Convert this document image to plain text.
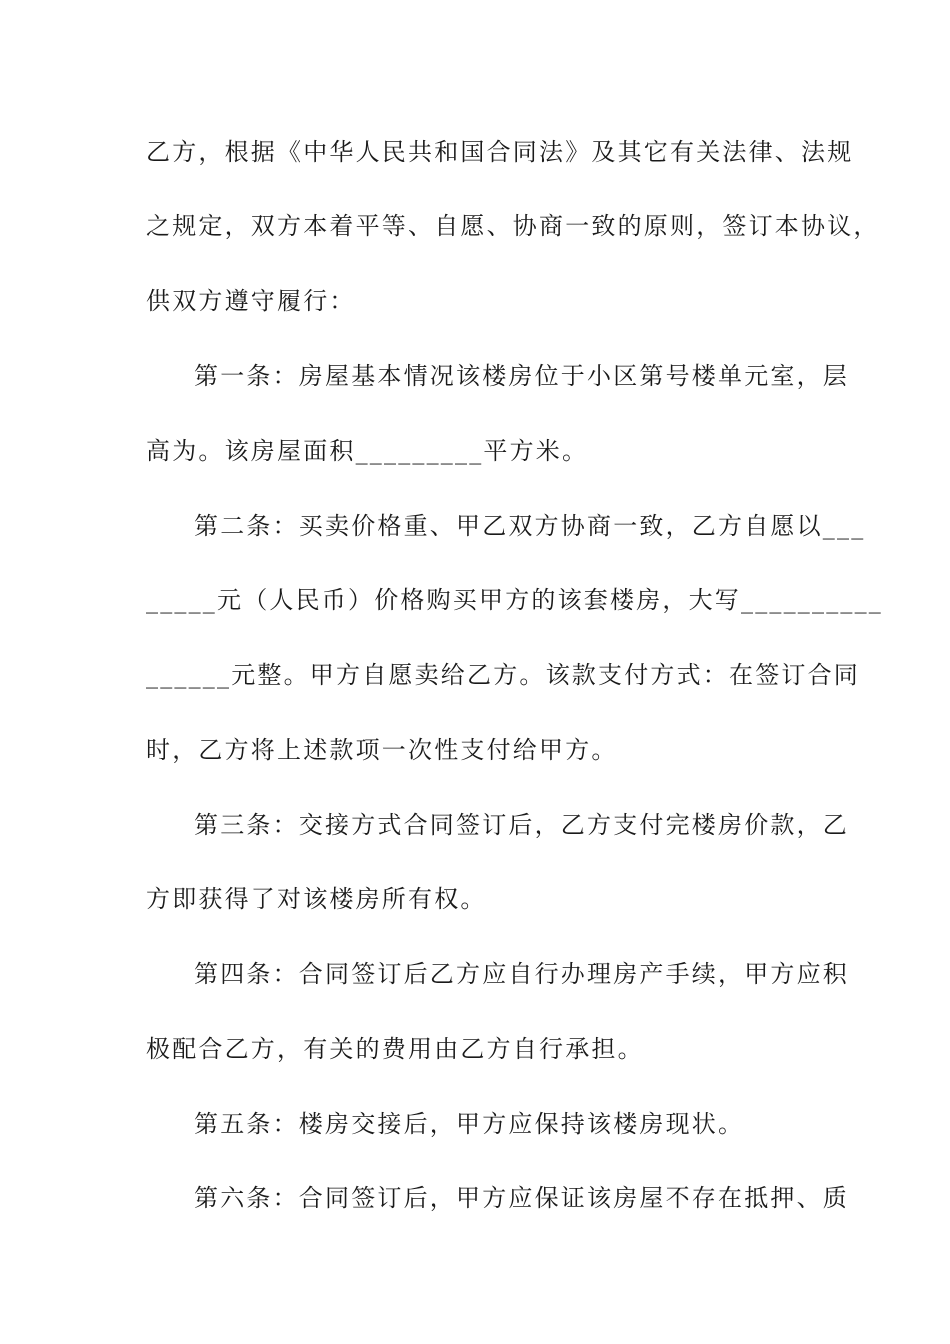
乙方，根据《中华人民共和国合同法》及其它有关法律、法规
之规定，双方本着平等、自愿、协商一致的原则，签订本协议，
供双方遵守履行：
第一条：房屋基本情况该楼房位于小区第号楼单元室，层
高为。该房屋面积_________平方米。
第二条：买卖价格重、甲乙双方协商一致，乙方自愿以___
_____元（人民币）价格购买甲方的该套楼房，大写__________
______元整。甲方自愿卖给乙方。该款支付方式：在签订合同
时，乙方将上述款项一次性支付给甲方。
第三条：交接方式合同签订后，乙方支付完楼房价款，乙
方即获得了对该楼房所有权。
第四条：合同签订后乙方应自行办理房产手续，甲方应积
极配合乙方，有关的费用由乙方自行承担。
第五条：楼房交接后，甲方应保持该楼房现状。
第六条：合同签订后，甲方应保证该房屋不存在抵押、质
